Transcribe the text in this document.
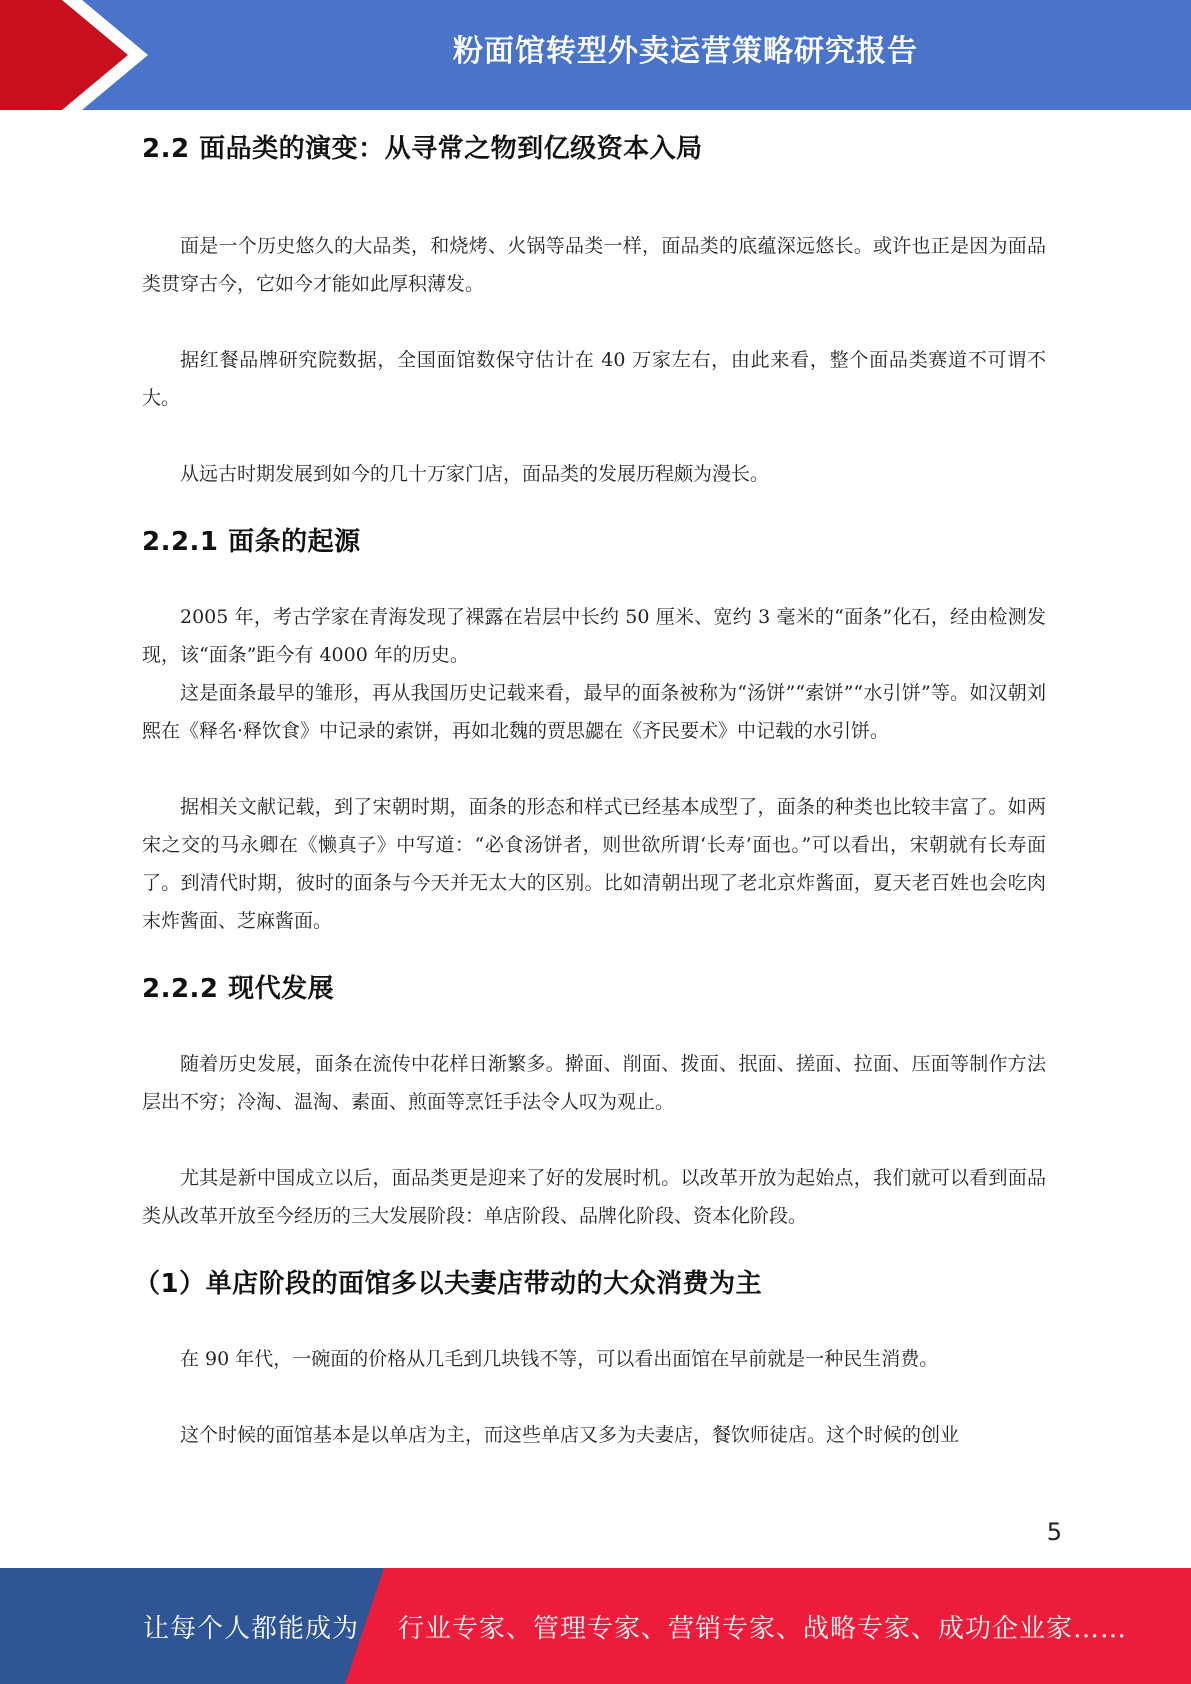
粉面馆转型外卖运营策略研究报告
2.2 面品类的演变：从寻常之物到亿级资本入局

面是一个历史悠久的大品类，和烧烤、火锅等品类一样，面品类的底蕴深远悠长。或许也正是因为面品类贯穿古今，它如今才能如此厚积薄发。

据红餐品牌研究院数据，全国面馆数保守估计在 40 万家左右，由此来看，整个面品类赛道不可谓不大。

从远古时期发展到如今的几十万家门店，面品类的发展历程颇为漫长。

2.2.1 面条的起源

2005 年，考古学家在青海发现了裸露在岩层中长约 50 厘米、宽约 3 毫米的“面条”化石，经由检测发现，该“面条”距今有 4000 年的历史。

这是面条最早的雏形，再从我国历史记载来看，最早的面条被称为“汤饼”“索饼”“水引饼”等。如汉朝刘熙在《释名·释饮食》中记录的索饼，再如北魏的贾思勰在《齐民要术》中记载的水引饼。

据相关文献记载，到了宋朝时期，面条的形态和样式已经基本成型了，面条的种类也比较丰富了。如两宋之交的马永卿在《懒真子》中写道：“必食汤饼者，则世欲所谓‘长寿’面也。”可以看出，宋朝就有长寿面了。到清代时期，彼时的面条与今天并无太大的区别。比如清朝出现了老北京炸酱面，夏天老百姓也会吃肉末炸酱面、芝麻酱面。

2.2.2 现代发展

随着历史发展，面条在流传中花样日渐繁多。擀面、削面、拨面、抿面、搓面、拉面、压面等制作方法层出不穷；冷淘、温淘、素面、煎面等烹饪手法令人叹为观止。

尤其是新中国成立以后，面品类更是迎来了好的发展时机。以改革开放为起始点，我们就可以看到面品类从改革开放至今经历的三大发展阶段：单店阶段、品牌化阶段、资本化阶段。

（1）单店阶段的面馆多以夫妻店带动的大众消费为主

在 90 年代，一碗面的价格从几毛到几块钱不等，可以看出面馆在早前就是一种民生消费。

这个时候的面馆基本是以单店为主，而这些单店又多为夫妻店，餐饮师徒店。这个时候的创业

5
让每个人都能成为 行业专家、管理专家、营销专家、战略专家、成功企业家……
